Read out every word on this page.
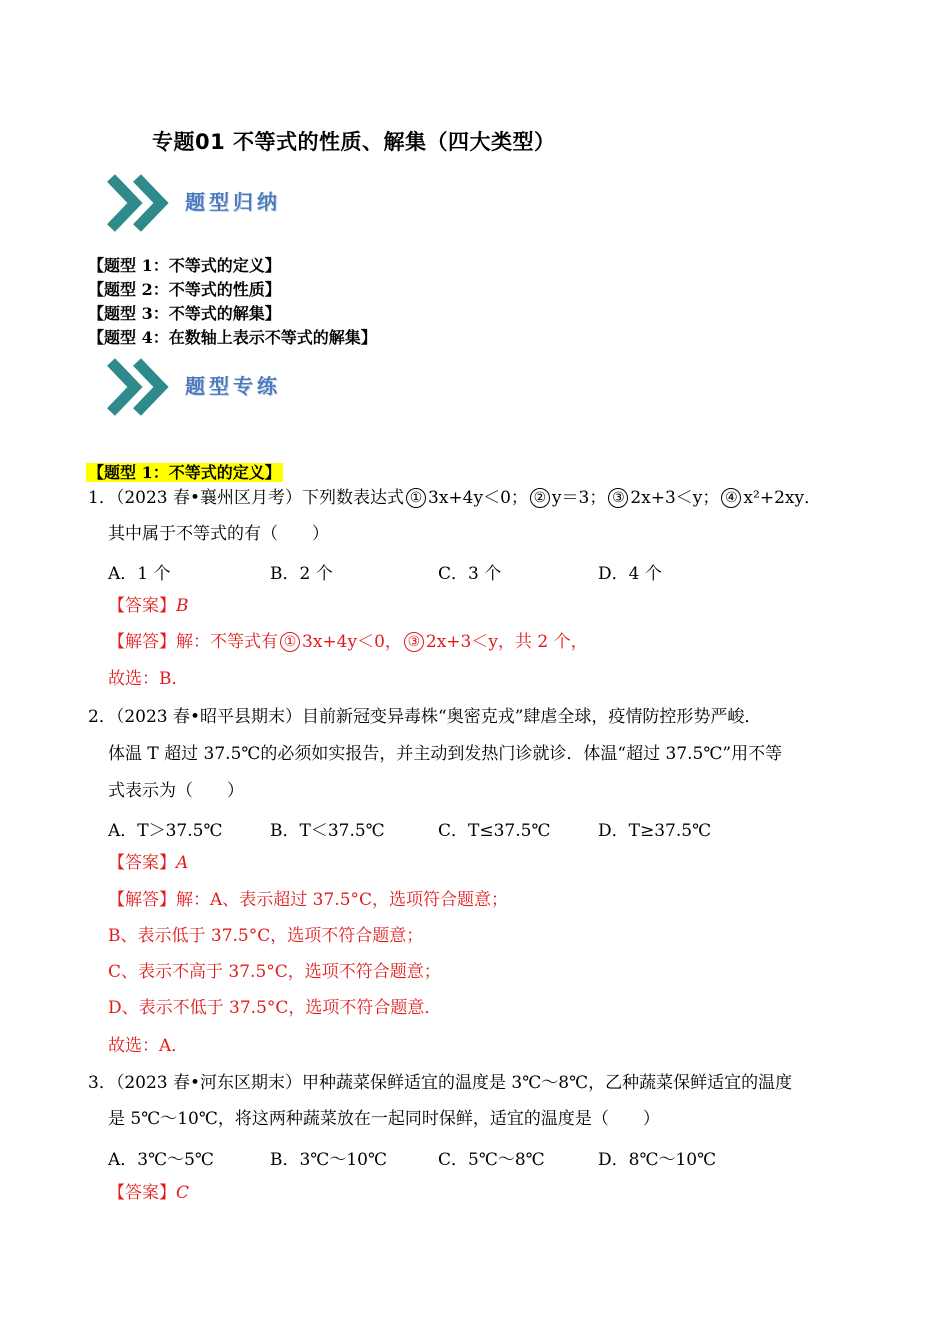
专题01 不等式的性质、解集（四大类型）
题型归纳
【题型 1：不等式的定义】
【题型 2：不等式的性质】
【题型 3：不等式的解集】
【题型 4：在数轴上表示不等式的解集】
题型专练
【题型 1：不等式的定义】
1．（2023 春•襄州区月考）下列数表达式 ① 3x+4y＜0； ② y＝3； ③ 2x+3＜y； ④ x²+2xy．
其中属于不等式的有（　　）
A．1 个	B．2 个	C．3 个	D．4 个
【答案】B
【解答】解：不等式有 ① 3x+4y＜0， ③ 2x+3＜y，共 2 个，
故选：B．
2．（2023 春•昭平县期末）目前新冠变异毒株“奥密克戎”肆虐全球，疫情防控形势严峻．
体温 T 超过 37.5℃的必须如实报告，并主动到发热门诊就诊．体温“超过 37.5℃”用不等
式表示为（　　）
A．T＞37.5℃	B．T＜37.5℃	C．T≤37.5℃	D．T≥37.5℃
【答案】A
【解答】解：A、表示超过 37.5°C，选项符合题意；
B、表示低于 37.5°C，选项不符合题意；
C、表示不高于 37.5°C，选项不符合题意；
D、表示不低于 37.5°C，选项不符合题意．
故选：A．
3．（2023 春•河东区期末）甲种蔬菜保鲜适宜的温度是 3℃～8℃，乙种蔬菜保鲜适宜的温度
是 5℃～10℃，将这两种蔬菜放在一起同时保鲜，适宜的温度是（　　）
A．3℃～5℃	B．3℃～10℃	C．5℃～8℃	D．8℃～10℃
【答案】C
